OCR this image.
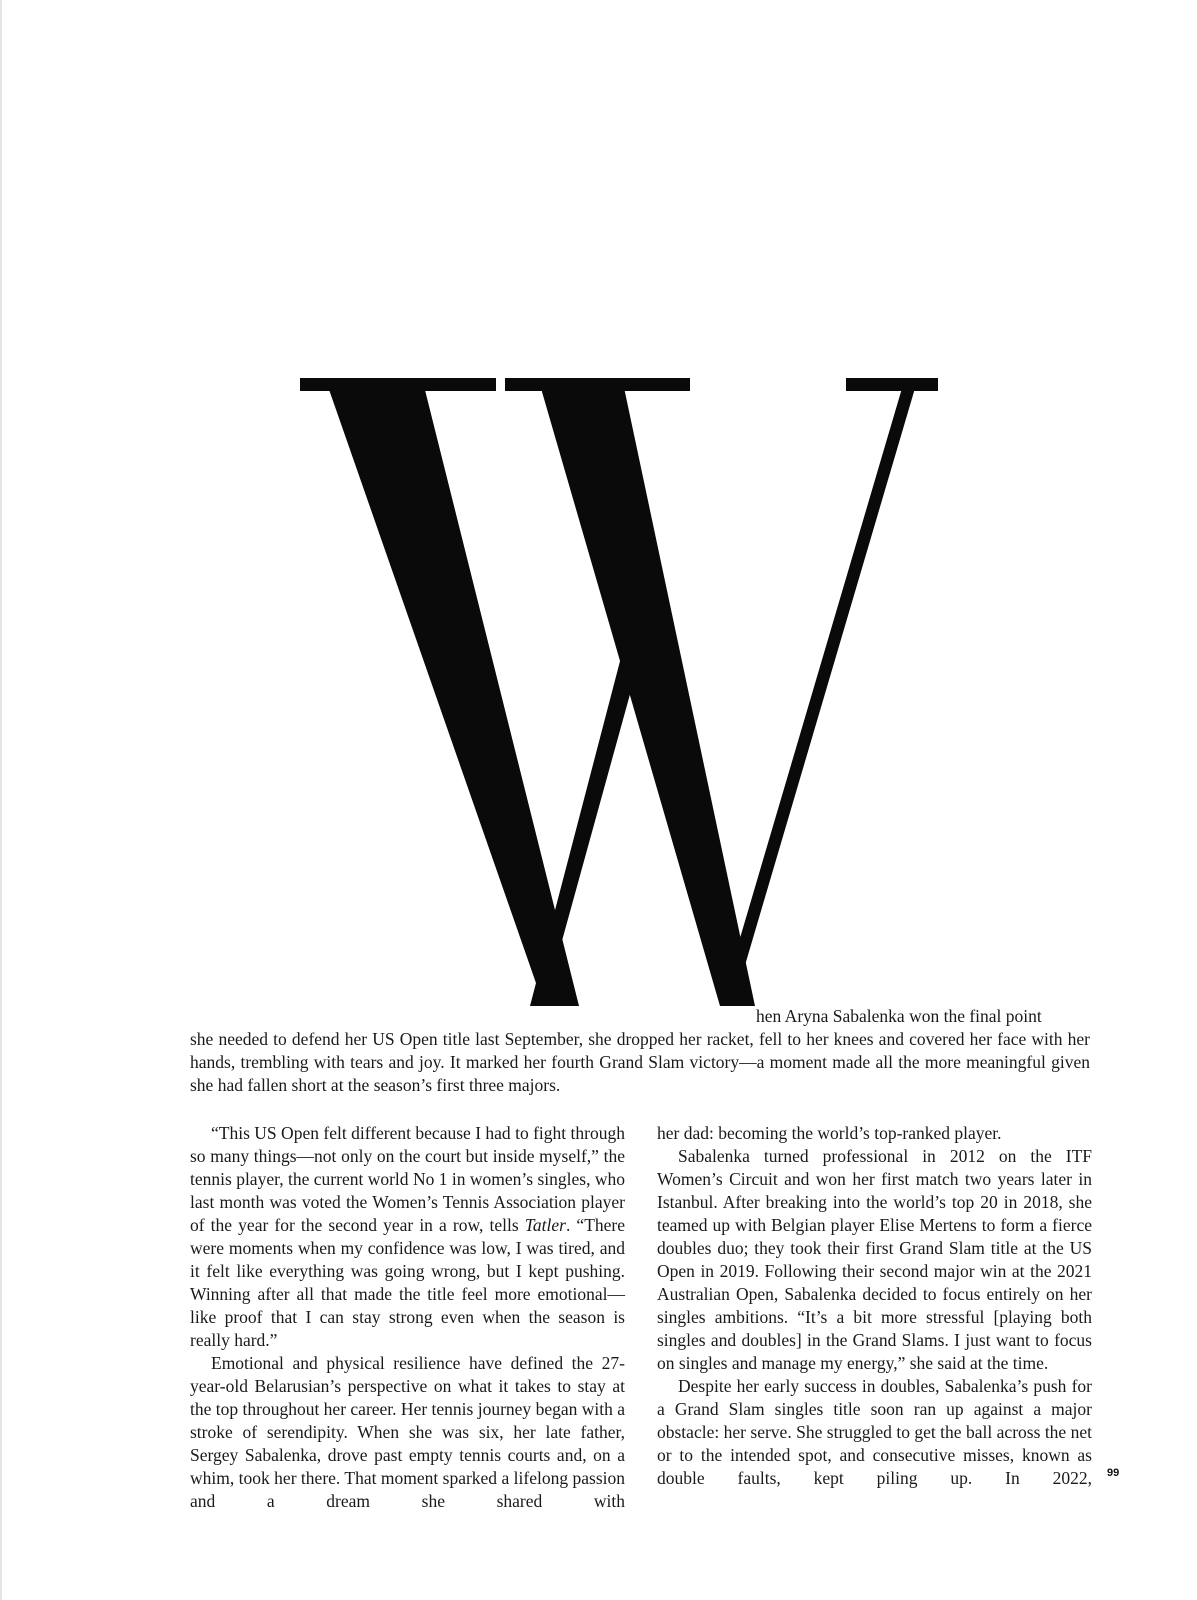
hen Aryna Sabalenka won the final point

she needed to defend her US Open title last September, she dropped her racket, fell to her knees and covered her face with her hands, trembling with tears and joy. It marked her fourth Grand Slam victory—a moment made all the more meaningful given she had fallen short at the season’s first three majors.

“This US Open felt different because I had to fight through so many things—not only on the court but inside myself,” the tennis player, the current world No 1 in women’s singles, who last month was voted the Women’s Tennis Association player of the year for the second year in a row, tells Tatler. “There were moments when my confidence was low, I was tired, and it felt like everything was going wrong, but I kept pushing. Winning after all that made the title feel more emotional—like proof that I can stay strong even when the season is really hard.”

Emotional and physical resilience have defined the 27-year-old Belarusian’s perspective on what it takes to stay at the top throughout her career. Her tennis journey began with a stroke of serendipity. When she was six, her late father, Sergey Sabalenka, drove past empty tennis courts and, on a whim, took her there. That moment sparked a lifelong passion and a dream she shared with

her dad: becoming the world’s top-ranked player.

Sabalenka turned professional in 2012 on the ITF Women’s Circuit and won her first match two years later in Istanbul. After breaking into the world’s top 20 in 2018, she teamed up with Belgian player Elise Mertens to form a fierce doubles duo; they took their first Grand Slam title at the US Open in 2019. Following their second major win at the 2021 Australian Open, Sabalenka decided to focus entirely on her singles ambitions. “It’s a bit more stressful [playing both singles and doubles] in the Grand Slams. I just want to focus on singles and manage my energy,” she said at the time.

Despite her early success in doubles, Sabalenka’s push for a Grand Slam singles title soon ran up against a major obstacle: her serve. She struggled to get the ball across the net or to the intended spot, and consecutive misses, known as double faults, kept piling up. In 2022, 99
